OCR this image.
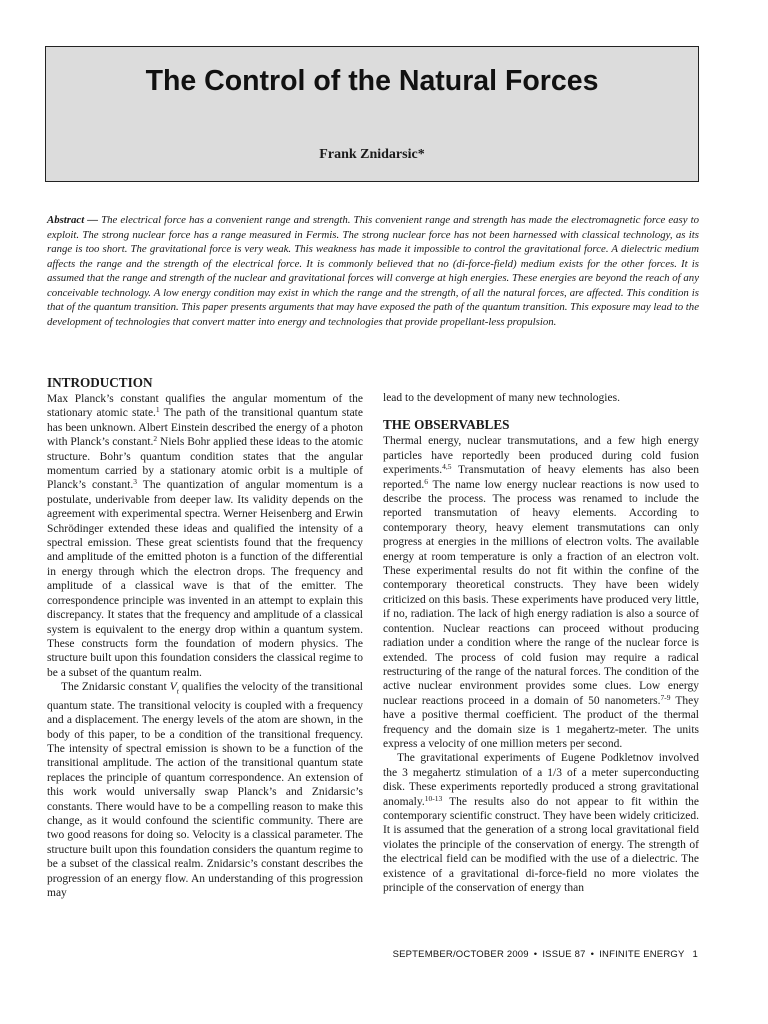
The Control of the Natural Forces

Frank Znidarsic*

Abstract — The electrical force has a convenient range and strength. This convenient range and strength has made the electromagnetic force easy to exploit. The strong nuclear force has a range measured in Fermis. The strong nuclear force has not been harnessed with classical technology, as its range is too short. The gravitational force is very weak. This weakness has made it impossible to control the gravitational force. A dielectric medium affects the range and the strength of the electrical force. It is commonly believed that no (di-force-field) medium exists for the other forces. It is assumed that the range and strength of the nuclear and gravitational forces will converge at high energies. These energies are beyond the reach of any conceivable technology. A low energy condition may exist in which the range and the strength, of all the natural forces, are affected. This condition is that of the quantum transition. This paper presents arguments that may have exposed the path of the quantum transition. This exposure may lead to the development of technologies that convert matter into energy and technologies that provide propellant-less propulsion.

INTRODUCTION

Max Planck’s constant qualifies the angular momentum of the stationary atomic state.$^1$ The path of the transitional quantum state has been unknown. Albert Einstein described the energy of a photon with Planck’s constant.$^2$ Niels Bohr applied these ideas to the atomic structure. Bohr’s quantum condition states that the angular momentum carried by a stationary atomic orbit is a multiple of Planck’s constant.$^3$ The quantization of angular momentum is a postulate, underivable from deeper law. Its validity depends on the agreement with experimental spectra. Werner Heisenberg and Erwin Schrödinger extended these ideas and qualified the intensity of a spectral emission. These great scientists found that the frequency and amplitude of the emitted photon is a function of the differential in energy through which the electron drops. The frequency and amplitude of a classical wave is that of the emitter. The correspondence principle was invented in an attempt to explain this discrepancy. It states that the frequency and amplitude of a classical system is equivalent to the energy drop within a quantum system. These constructs form the foundation of modern physics. The structure built upon this foundation considers the classical regime to be a subset of the quantum realm.

The Znidarsic constant $V_t$ qualifies the velocity of the transitional quantum state. The transitional velocity is coupled with a frequency and a displacement. The energy levels of the atom are shown, in the body of this paper, to be a condition of the transitional frequency. The intensity of spectral emission is shown to be a function of the transitional amplitude. The action of the transitional quantum state replaces the principle of quantum correspondence. An extension of this work would universally swap Planck’s and Znidarsic’s constants. There would have to be a compelling reason to make this change, as it would confound the scientific community. There are two good reasons for doing so. Velocity is a classical parameter. The structure built upon this foundation considers the quantum regime to be a subset of the classical realm. Znidarsic’s constant describes the progression of an energy flow. An understanding of this progression may

lead to the development of many new technologies.

THE OBSERVABLES

Thermal energy, nuclear transmutations, and a few high energy particles have reportedly been produced during cold fusion experiments.$^{4,5}$ Transmutation of heavy elements has also been reported.$^6$ The name low energy nuclear reactions is now used to describe the process. The process was renamed to include the reported transmutation of heavy elements. According to contemporary theory, heavy element transmutations can only progress at energies in the millions of electron volts. The available energy at room temperature is only a fraction of an electron volt. These experimental results do not fit within the confine of the contemporary theoretical constructs. They have been widely criticized on this basis. These experiments have produced very little, if no, radiation. The lack of high energy radiation is also a source of contention. Nuclear reactions can proceed without producing radiation under a condition where the range of the nuclear force is extended. The process of cold fusion may require a radical restructuring of the range of the natural forces. The condition of the active nuclear environment provides some clues. Low energy nuclear reactions proceed in a domain of 50 nanometers.$^{7-9}$ They have a positive thermal coefficient. The product of the thermal frequency and the domain size is 1 megahertz-meter. The units express a velocity of one million meters per second.

The gravitational experiments of Eugene Podkletnov involved the 3 megahertz stimulation of a 1/3 of a meter superconducting disk. These experiments reportedly produced a strong gravitational anomaly.$^{10-13}$ The results also do not appear to fit within the contemporary scientific construct. They have been widely criticized. It is assumed that the generation of a strong local gravitational field violates the principle of the conservation of energy. The strength of the electrical field can be modified with the use of a dielectric. The existence of a gravitational di-force-field no more violates the principle of the conservation of energy than

SEPTEMBER/OCTOBER 2009 • ISSUE 87 • INFINITE ENERGY 1
